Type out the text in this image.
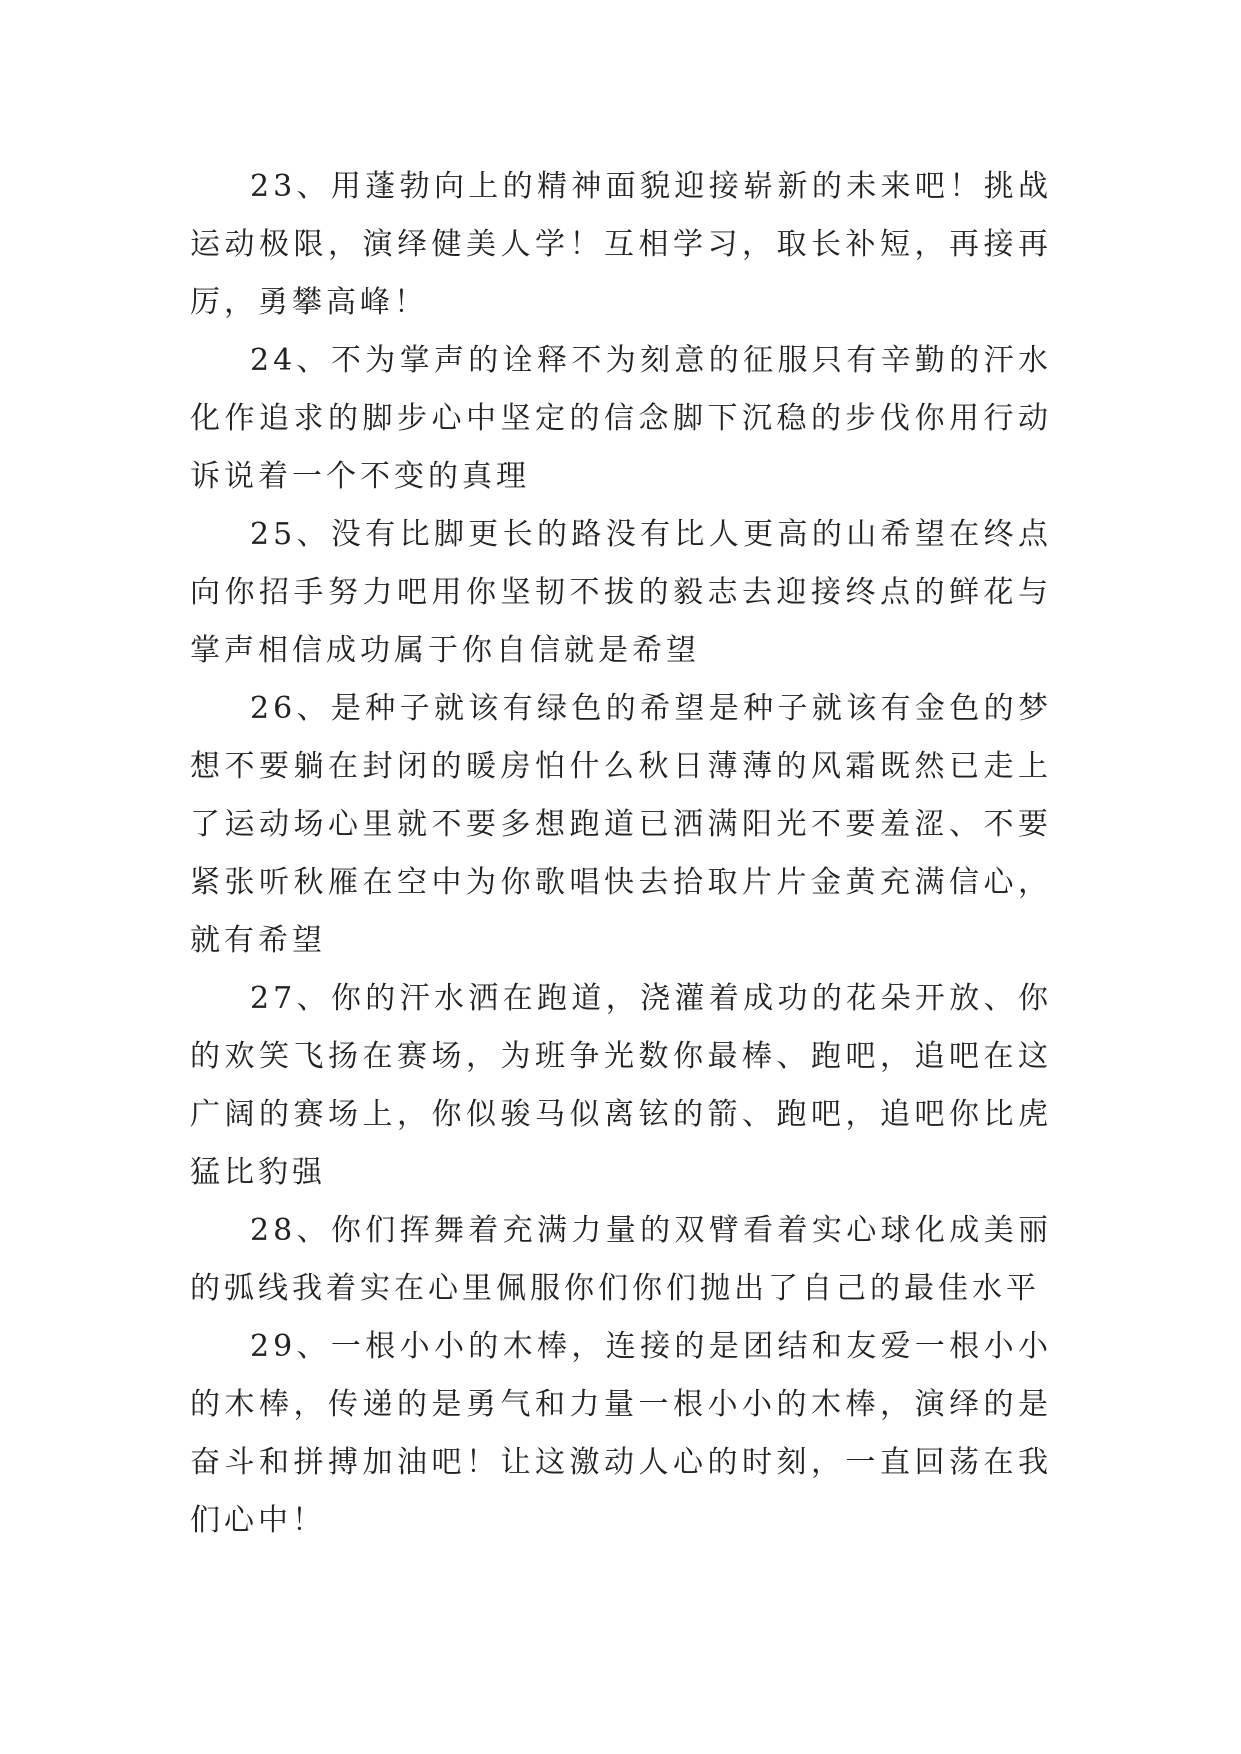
23、用蓬勃向上的精神面貌迎接崭新的未来吧！挑战运动极限，演绎健美人学！互相学习，取长补短，再接再厉，勇攀高峰！

24、不为掌声的诠释不为刻意的征服只有辛勤的汗水化作追求的脚步心中坚定的信念脚下沉稳的步伐你用行动诉说着一个不变的真理

25、没有比脚更长的路没有比人更高的山希望在终点向你招手努力吧用你坚韧不拔的毅志去迎接终点的鲜花与掌声相信成功属于你自信就是希望

26、是种子就该有绿色的希望是种子就该有金色的梦想不要躺在封闭的暖房怕什么秋日薄薄的风霜既然已走上了运动场心里就不要多想跑道已洒满阳光不要羞涩、不要紧张听秋雁在空中为你歌唱快去拾取片片金黄充满信心，就有希望

27、你的汗水洒在跑道，浇灌着成功的花朵开放、你的欢笑飞扬在赛场，为班争光数你最棒、跑吧，追吧在这广阔的赛场上，你似骏马似离铉的箭、跑吧，追吧你比虎猛比豹强

28、你们挥舞着充满力量的双臂看着实心球化成美丽的弧线我着实在心里佩服你们你们抛出了自己的最佳水平

29、一根小小的木棒，连接的是团结和友爱一根小小的木棒，传递的是勇气和力量一根小小的木棒，演绎的是奋斗和拼搏加油吧！让这激动人心的时刻，一直回荡在我们心中！
